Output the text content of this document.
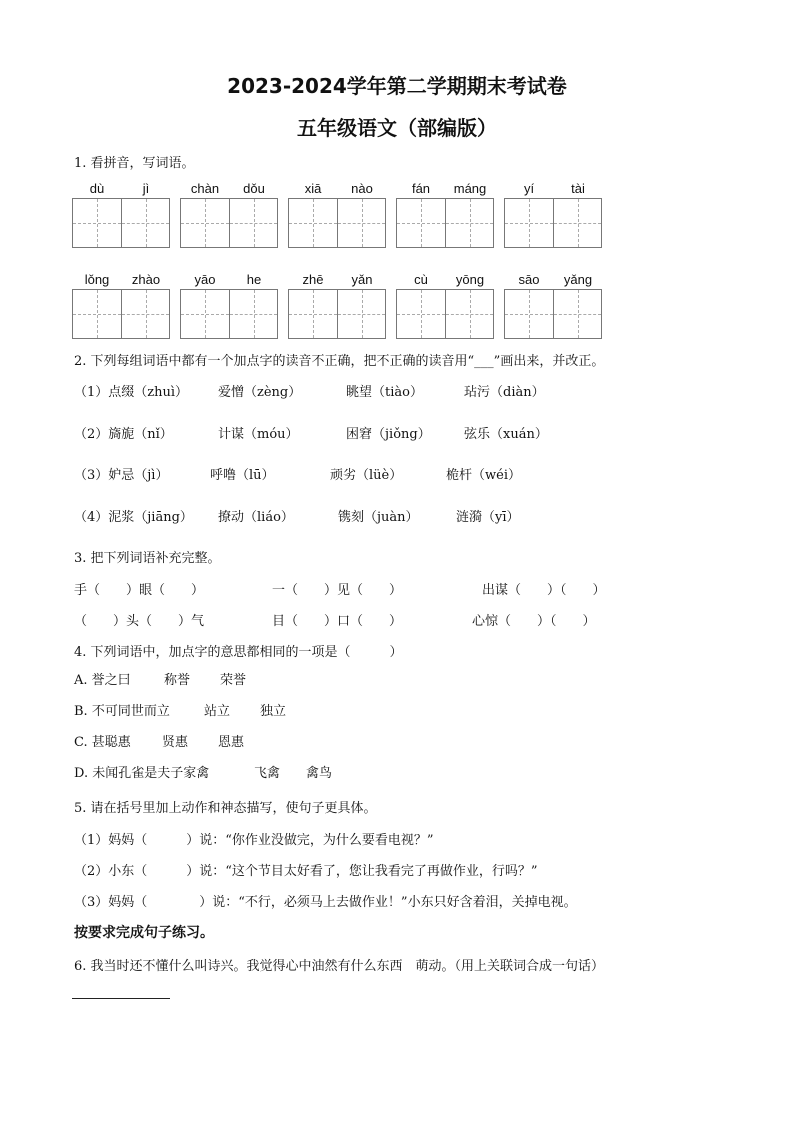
2023-2024学年第二学期期末考试卷
五年级语文（部编版）
1. 看拼音，写词语。
dù	jì	chàn	dǒu	xiā	nào	fán	máng	yí	tài
lǒng	zhào	yāo	he	zhē	yǎn	cù	yōng	sāo	yǎng
2. 下列每组词语中都有一个加点字的读音不正确，把不正确的读音用“___”画出来，并改正。
（1）点缀（zhuì） 爱憎（zèng）	眺望（tiào）	玷污（diàn）
（2）旖旎（nǐ）	计谋（móu）	困窘（jiǒng）	弦乐（xuán）
（3）妒忌（jì）	呼噜（lū）	顽劣（lüè）	桅杆（wéi）
（4）泥浆（jiāng） 撩动（liáo）	镌刻（juàn）	涟漪（yī）
3. 把下列词语补充完整。
手（　　）眼（　　）	一（　　）见（　　）	出谋（　　）（　　）
（　　）头（　　）气	目（　　）口（　　）	心惊（　　）（　　）
4. 下列词语中，加点字的意思都相同的一项是（　　　）
A. 誉之曰	称誉 荣誉
B. 不可同世而立	站立 独立
C. 甚聪惠 贤惠 恩惠
D. 未闻孔雀是夫子家禽	飞禽 禽鸟
5. 请在括号里加上动作和神态描写，使句子更具体。
（1）妈妈（　　　）说：“你作业没做完，为什么要看电视？”
（2）小东（　　　）说：“这个节目太好看了，您让我看完了再做作业，行吗？”
（3）妈妈（　　　　）说：“不行，必须马上去做作业！”小东只好含着泪，关掉电视。
按要求完成句子练习。
6. 我当时还不懂什么叫诗兴。我觉得心中油然有什么东西　萌动。（用上关联词合成一句话）
